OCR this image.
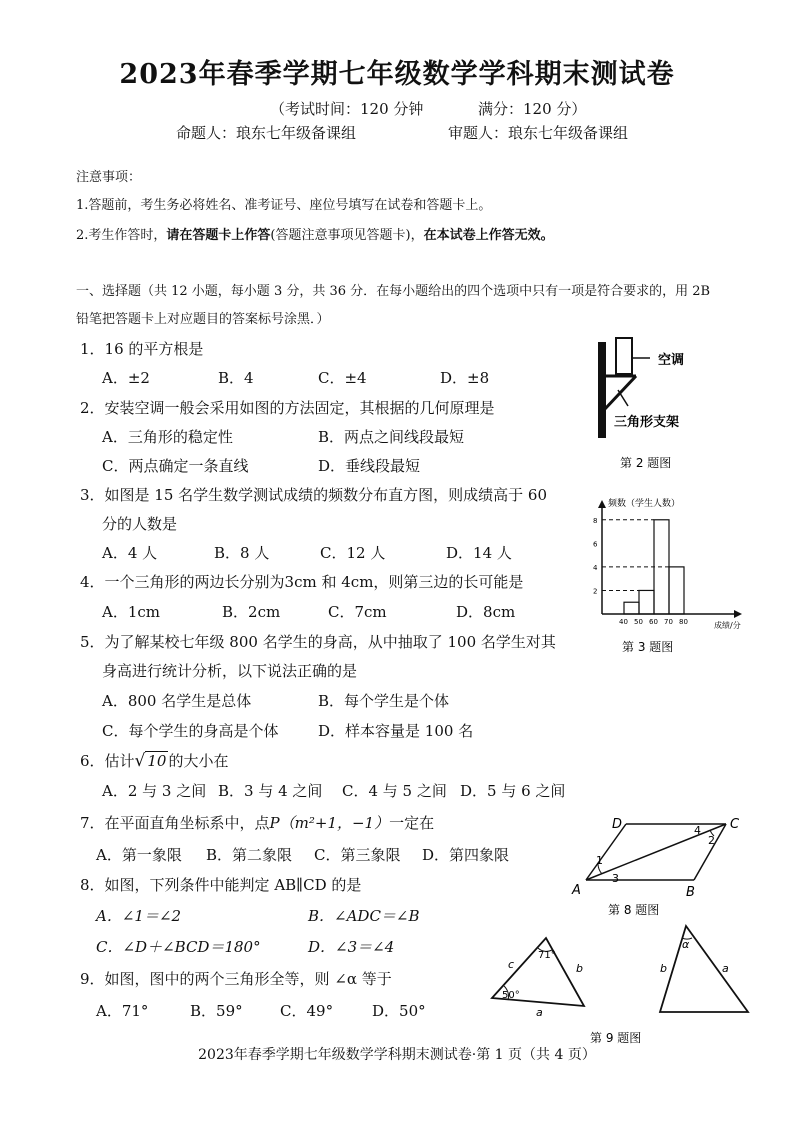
2023年春季学期七年级数学学科期末测试卷
（考试时间：120 分钟	满分：120 分）
命题人：琅东七年级备课组	审题人：琅东七年级备课组
注意事项：
1.答题前，考生务必将姓名、准考证号、座位号填写在试卷和答题卡上。
2.考生作答时，请在答题卡上作答(答题注意事项见答题卡)，在本试卷上作答无效。
一、选择题（共 12 小题，每小题 3 分，共 36 分．在每小题给出的四个选项中只有一项是符合要求的，用 2B
铅笔把答题卡上对应题目的答案标号涂黑．）
1．16 的平方根是
A．±2	B．4	C．±4	D．±8
2．安装空调一般会采用如图的方法固定，其根据的几何原理是
A．三角形的稳定性	B．两点之间线段最短
C．两点确定一条直线	D．垂线段最短
3．如图是 15 名学生数学测试成绩的频数分布直方图，则成绩高于 60
分的人数是
A．4 人	B．8 人	C．12 人	D．14 人
4．一个三角形的两边长分别为3cm 和 4cm，则第三边的长可能是
A．1cm	B．2cm	C．7cm	D．8cm
5．为了解某校七年级 800 名学生的身高，从中抽取了 100 名学生对其
身高进行统计分析，以下说法正确的是
A．800 名学生是总体	B．每个学生是个体
C．每个学生的身高是个体	D．样本容量是 100 名
6．估计√ 10 的大小在
A．2 与 3 之间 B．3 与 4 之间 C．4 与 5 之间 D．5 与 6 之间
7．在平面直角坐标系中，点P（m²+1，−1）一定在
A．第一象限 B．第二象限 C．第三象限 D．第四象限
8．如图，下列条件中能判定 AB∥CD 的是
A．∠1＝∠2	B．∠ADC＝∠B
C．∠D＋∠BCD＝180°	D．∠3＝∠4
9．如图，图中的两个三角形全等，则 ∠α 等于
A．71°	B．59° C．49°	D．50°
空调
三角形支架
第 2 题图
频数（学生人数）
成绩/分
40 50 60 70 80
2
4
6
8
第 3 题图
A	B
C
D
1
2
3
4
第 8 题图
71°
50°
c	b
a
α
b	a
第 9 题图
2023年春季学期七年级数学学科期末测试卷·第 1 页（共 4 页）
